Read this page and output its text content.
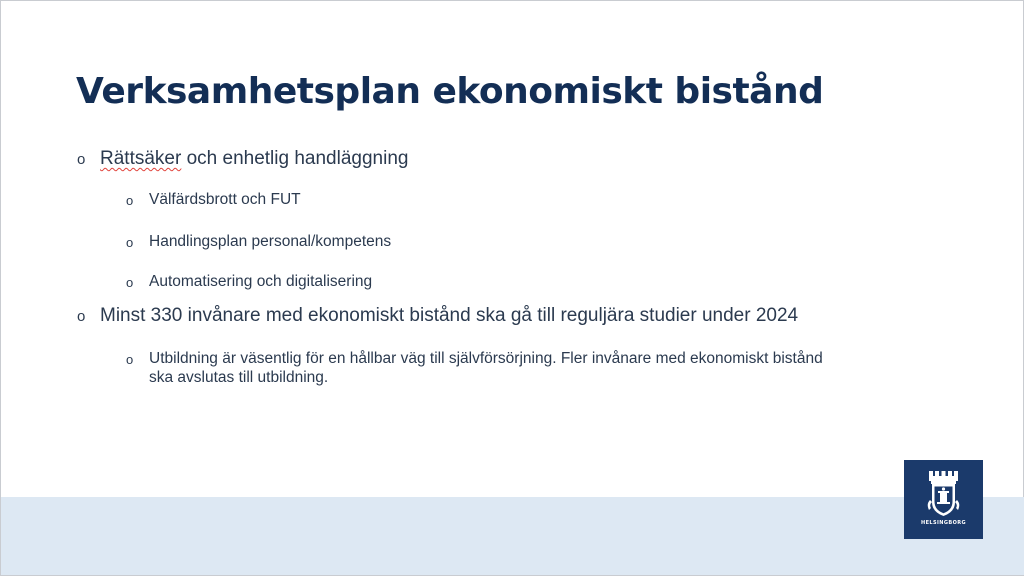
Verksamhetsplan ekonomiskt bistånd
o Rättsäker och enhetlig handläggning
o Välfärdsbrott och FUT
o Handlingsplan personal/kompetens
o Automatisering och digitalisering
o Minst 330 invånare med ekonomiskt bistånd ska gå till reguljära studier under 2024
o Utbildning är väsentlig för en hållbar väg till självförsörjning. Fler invånare med ekonomiskt bistånd ska avslutas till utbildning.
HELSINGBORG
